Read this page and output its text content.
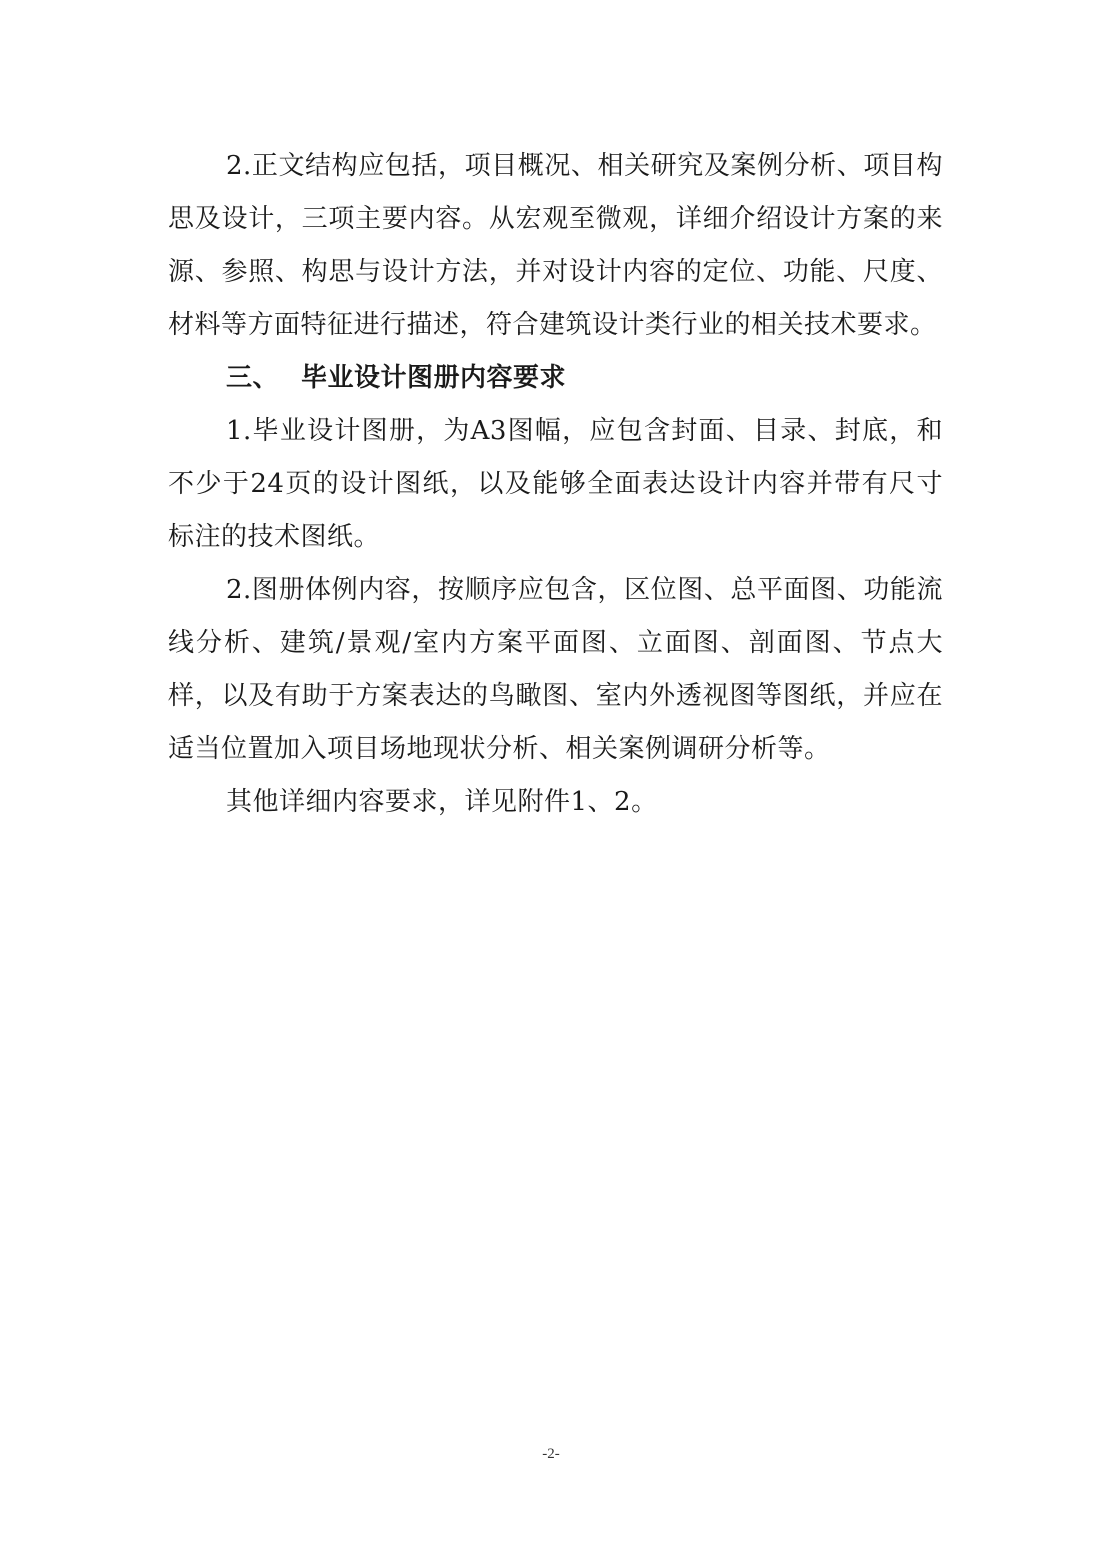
2.正文结构应包括，项目概况、相关研究及案例分析、项目构思及设计，三项主要内容。从宏观至微观，详细介绍设计方案的来源、参照、构思与设计方法，并对设计内容的定位、功能、尺度、材料等方面特征进行描述，符合建筑设计类行业的相关技术要求。

三、 毕业设计图册内容要求

1.毕业设计图册，为A3图幅，应包含封面、目录、封底，和不少于24页的设计图纸，以及能够全面表达设计内容并带有尺寸标注的技术图纸。

2.图册体例内容，按顺序应包含，区位图、总平面图、功能流线分析、建筑/景观/室内方案平面图、立面图、剖面图、节点大样，以及有助于方案表达的鸟瞰图、室内外透视图等图纸，并应在适当位置加入项目场地现状分析、相关案例调研分析等。

其他详细内容要求，详见附件1、2。

-2-
